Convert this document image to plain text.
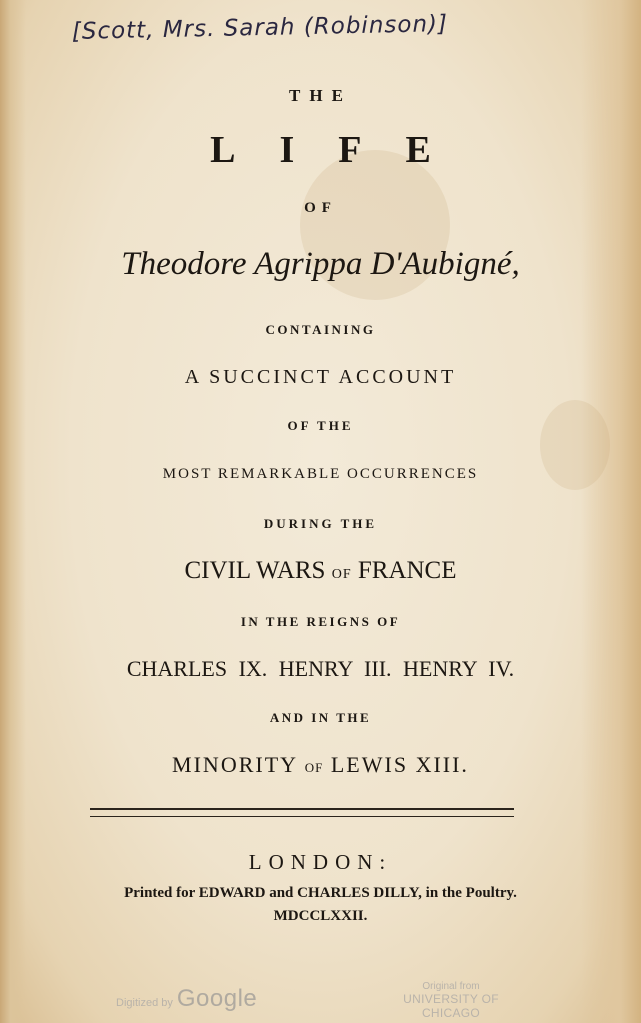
[Scott, Mrs. Sarah (Robinson)]
THE
LIFE
OF
Theodore Agrippa D'Aubigné,
CONTAINING
A SUCCINCT ACCOUNT
OF THE
MOST REMARKABLE OCCURRENCES
DURING THE
CIVIL WARS OF FRANCE
IN THE REIGNS OF
CHARLES IX. HENRY III. HENRY IV.
AND IN THE
MINORITY OF LEWIS XIII.
LONDON:
Printed for EDWARD and CHARLES DILLY, in the Poultry.
MDCCLXXII.
Digitized by Google	Original from
UNIVERSITY OF CHICAGO
